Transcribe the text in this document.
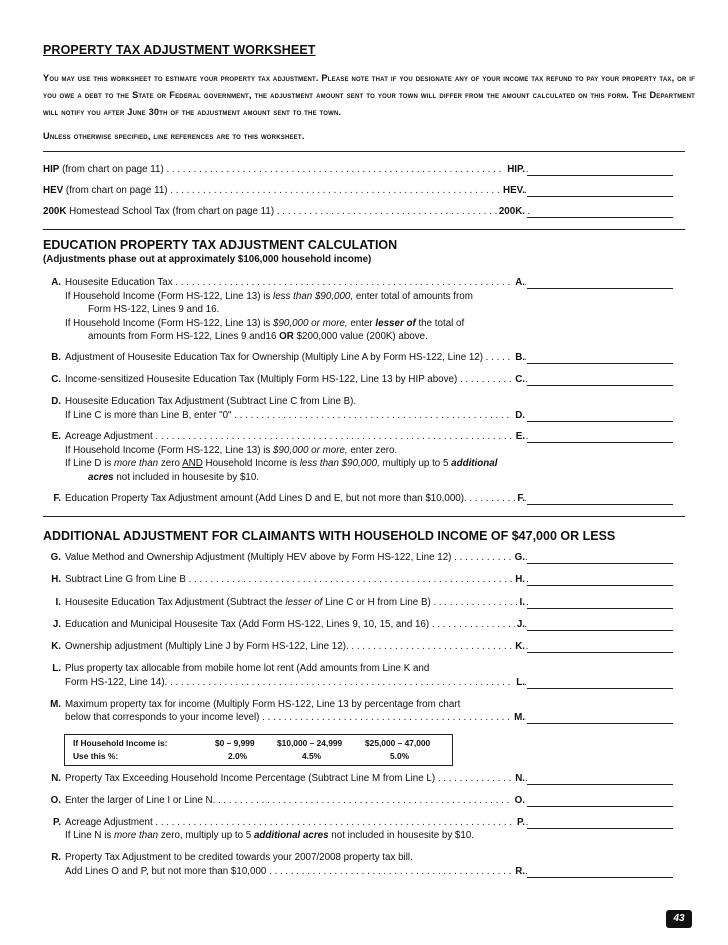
PROPERTY TAX ADJUSTMENT WORKSHEET
You may use this worksheet to estimate your property tax adjustment. Please note that if you designate any of your income tax refund to pay your property tax, or if you owe a debt to the State or Federal government, the adjustment amount sent to your town will differ from the amount calculated on this form. The Department will notify you after June 30th of the adjustment amount sent to the town.
Unless otherwise specified, line references are to this worksheet.
HIP (from chart on page 11) . . .	HIP.
HEV (from chart on page 11) . . .	HEV.
200K Homestead School Tax (from chart on page 11) . . .	200K.
EDUCATION PROPERTY TAX ADJUSTMENT CALCULATION
(Adjustments phase out at approximately $106,000 household income)
A. Housesite Education Tax . . .	A.
If Household Income (Form HS-122, Line 13) is less than $90,000, enter total of amounts from
Form HS-122, Lines 9 and 16.
If Household Income (Form HS-122, Line 13) is $90,000 or more, enter lesser of the total of
amounts from Form HS-122, Lines 9 and16 OR $200,000 value (200K) above.
B. Adjustment of Housesite Education Tax for Ownership (Multiply Line A by Form HS-122, Line 12) . . .	B.
C. Income-sensitized Housesite Education Tax (Multiply Form HS-122, Line 13 by HIP above) . . .	C.
Housesite Education Tax Adjustment (Subtract Line C from Line B).
D.
If Line C is more than Line B, enter "0" . . .	D.
E. Acreage Adjustment . . .	E.
If Household Income (Form HS-122, Line 13) is $90,000 or more, enter zero.
If Line D is more than zero AND Household Income is less than $90,000, multiply up to 5 additional
acres not included in housesite by $10.
F. Education Property Tax Adjustment amount (Add Lines D and E, but not more than $10,000). . . .	F.
ADDITIONAL ADJUSTMENT FOR CLAIMANTS WITH HOUSEHOLD INCOME OF $47,000 OR LESS
G. Value Method and Ownership Adjustment (Multiply HEV above by Form HS-122, Line 12) . . .	G.
H. Subtract Line G from Line B . . .	H.
I. Housesite Education Tax Adjustment (Subtract the lesser of Line C or H from Line B) . . .	I.
J. Education and Municipal Housesite Tax (Add Form HS-122, Lines 9, 10, 15, and 16) . . .	J.
K. Ownership adjustment (Multiply Line J by Form HS-122, Line 12). . . .	K.
L. Plus property tax allocable from mobile home lot rent (Add amounts from Line K and
Form HS-122, Line 14). . . .	L.
M. Maximum property tax for income (Multiply Form HS-122, Line 13 by percentage from chart
below that corresponds to your income level) . . .	M.
If Household Income is:
Use this %:
$0 – 9,999	$10,000 – 24,999	$25,000 – 47,000
2.0%	4.5%	5.0%
N. Property Tax Exceeding Household Income Percentage (Subtract Line M from Line L) . . .	N.
O. Enter the larger of Line I or Line N. . . .	O.
P. Acreage Adjustment . . .	P.
If Line N is more than zero, multiply up to 5 additional acres not included in housesite by $10.
R. Property Tax Adjustment to be credited towards your 2007/2008 property tax bill.
Add Lines O and P, but not more than $10,000 . . .	R.
43
